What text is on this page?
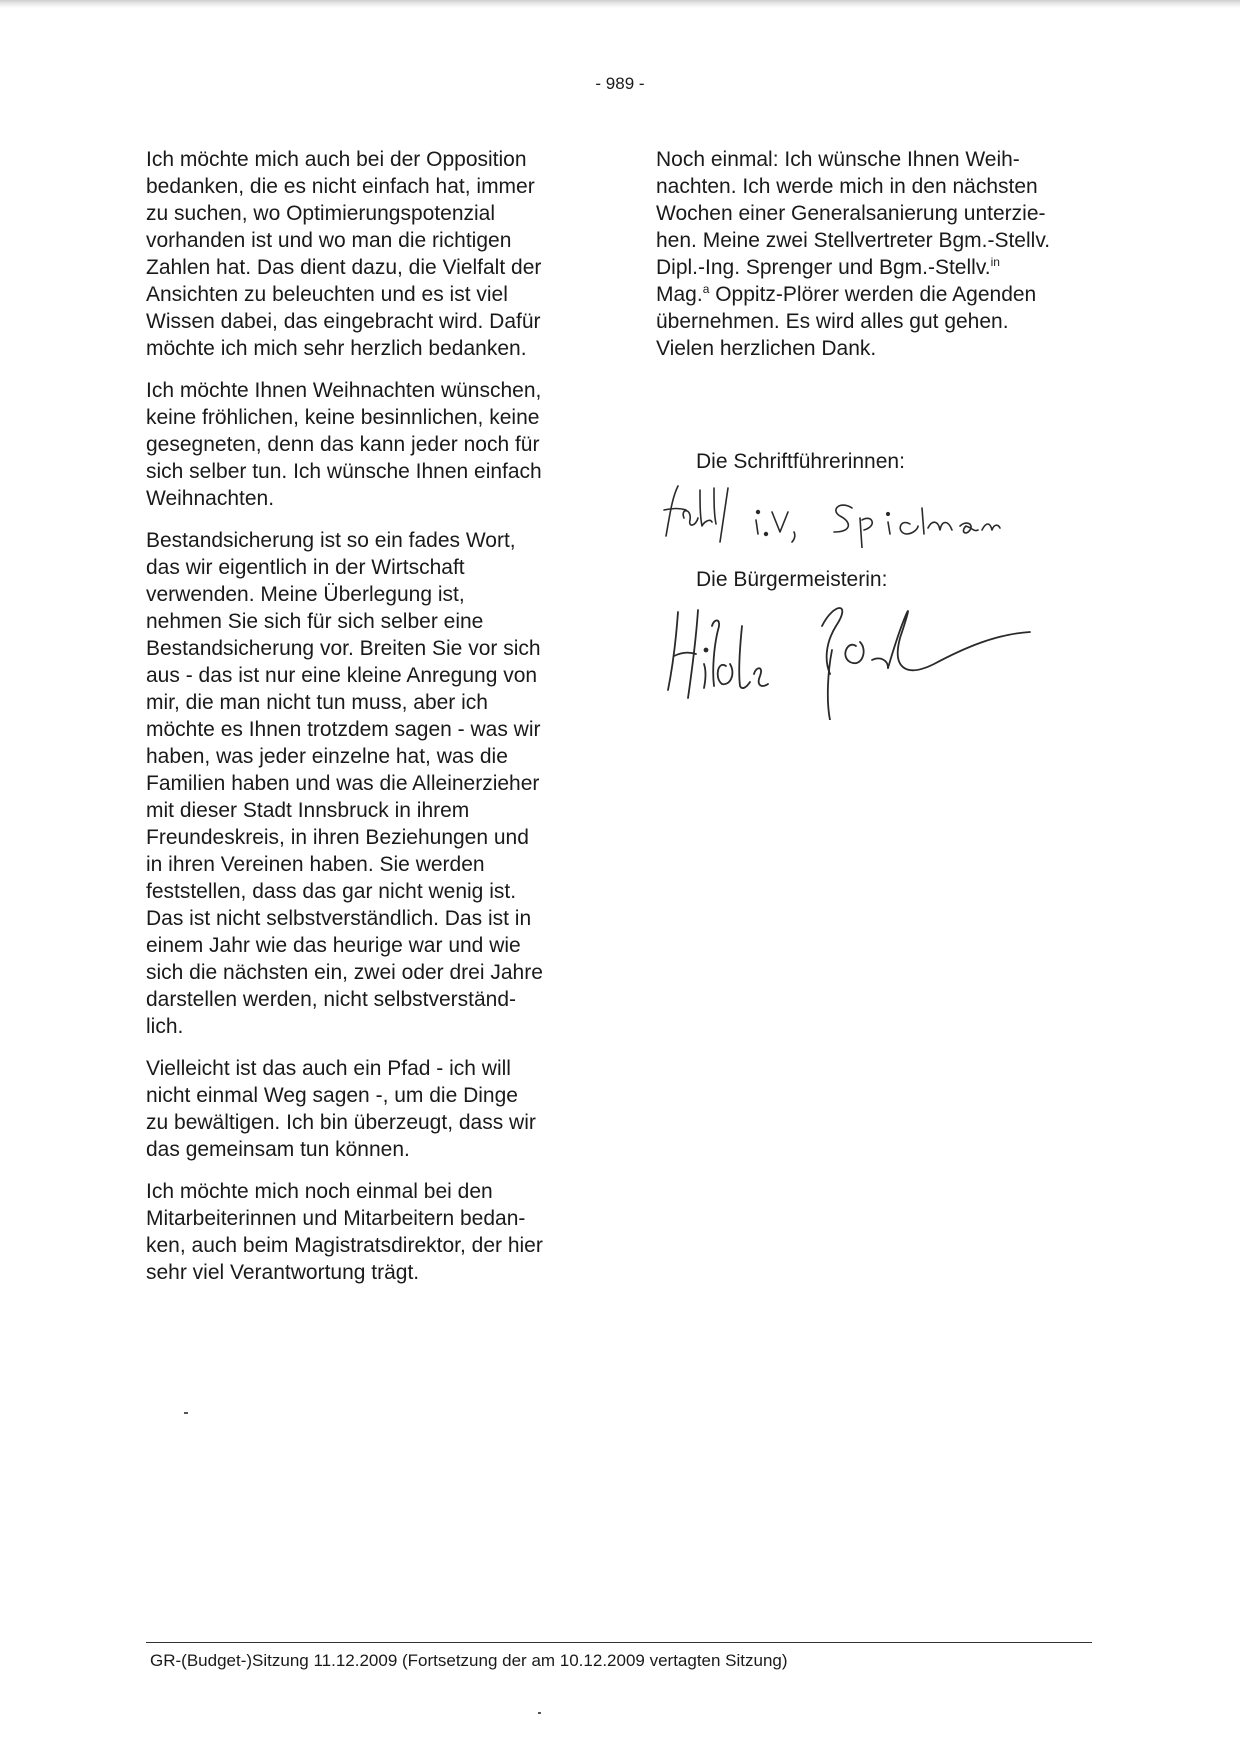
- 989 -

Ich möchte mich auch bei der Opposition
bedanken, die es nicht einfach hat, immer
zu suchen, wo Optimierungspotenzial
vorhanden ist und wo man die richtigen
Zahlen hat. Das dient dazu, die Vielfalt der
Ansichten zu beleuchten und es ist viel
Wissen dabei, das eingebracht wird. Dafür
möchte ich mich sehr herzlich bedanken.

Ich möchte Ihnen Weihnachten wünschen,
keine fröhlichen, keine besinnlichen, keine
gesegneten, denn das kann jeder noch für
sich selber tun. Ich wünsche Ihnen einfach
Weihnachten.

Bestandsicherung ist so ein fades Wort,
das wir eigentlich in der Wirtschaft
verwenden. Meine Überlegung ist,
nehmen Sie sich für sich selber eine
Bestandsicherung vor. Breiten Sie vor sich
aus - das ist nur eine kleine Anregung von
mir, die man nicht tun muss, aber ich
möchte es Ihnen trotzdem sagen - was wir
haben, was jeder einzelne hat, was die
Familien haben und was die Alleinerzieher
mit dieser Stadt Innsbruck in ihrem
Freundeskreis, in ihren Beziehungen und
in ihren Vereinen haben. Sie werden
feststellen, dass das gar nicht wenig ist.
Das ist nicht selbstverständlich. Das ist in
einem Jahr wie das heurige war und wie
sich die nächsten ein, zwei oder drei Jahre
darstellen werden, nicht selbstverständ-
lich.

Vielleicht ist das auch ein Pfad - ich will
nicht einmal Weg sagen -, um die Dinge
zu bewältigen. Ich bin überzeugt, dass wir
das gemeinsam tun können.

Ich möchte mich noch einmal bei den
Mitarbeiterinnen und Mitarbeitern bedan-
ken, auch beim Magistratsdirektor, der hier
sehr viel Verantwortung trägt.

Noch einmal: Ich wünsche Ihnen Weih-
nachten. Ich werde mich in den nächsten
Wochen einer Generalsanierung unterzie-
hen. Meine zwei Stellvertreter Bgm.-Stellv.
Dipl.-Ing. Sprenger und Bgm.-Stellv.$^{in}$
Mag.$^a$ Oppitz-Plörer werden die Agenden
übernehmen. Es wird alles gut gehen.
Vielen herzlichen Dank.

Die Schriftführerinnen:
Die Bürgermeisterin:
GR-(Budget-)Sitzung 11.12.2009 (Fortsetzung der am 10.12.2009 vertagten Sitzung)
